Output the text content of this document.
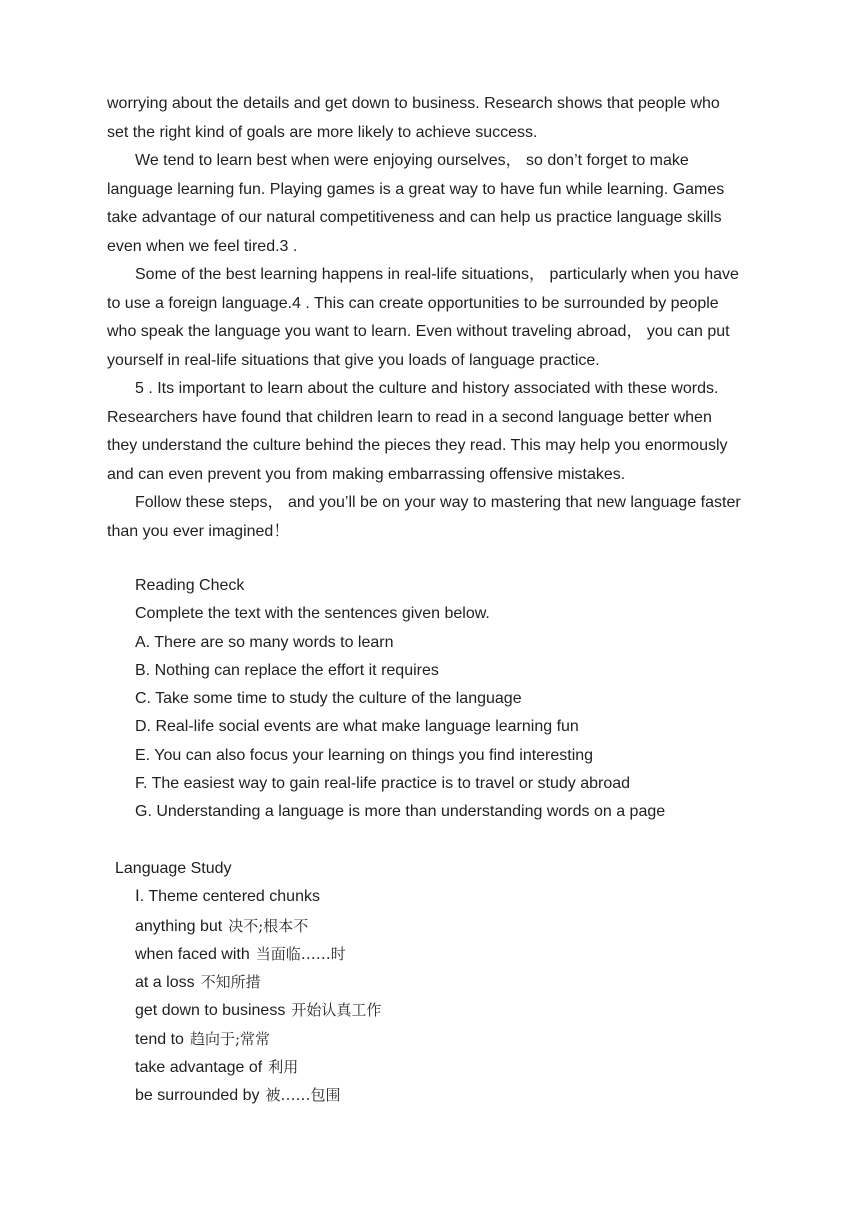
worrying about the details and get down to business. Research shows that people who
set the right kind of goals are more likely to achieve success.
We tend to learn best when were enjoying ourselves， so don’t forget to make
language learning fun. Playing games is a great way to have fun while learning. Games
take advantage of our natural competitiveness and can help us practice language skills
even when we feel tired.3 .
Some of the best learning happens in real-life situations， particularly when you have
to use a foreign language.4 . This can create opportunities to be surrounded by people
who speak the language you want to learn. Even without traveling abroad， you can put
yourself in real-life situations that give you loads of language practice.
5 . Its important to learn about the culture and history associated with these words.
Researchers have found that children learn to read in a second language better when
they understand the culture behind the pieces they read. This may help you enormously
and can even prevent you from making embarrassing offensive mistakes.
Follow these steps， and you’ll be on your way to mastering that new language faster
than you ever imagined！
Reading Check
Complete the text with the sentences given below.
A. There are so many words to learn
B. Nothing can replace the effort it requires
C. Take some time to study the culture of the language
D. Real-life social events are what make language learning fun
E. You can also focus your learning on things you find interesting
F. The easiest way to gain real-life practice is to travel or study abroad
G. Understanding a language is more than understanding words on a page
Language Study
Ⅰ. Theme centered chunks
anything but 决不;根本不
when faced with 当面临……时
at a loss 不知所措
get down to business 开始认真工作
tend to 趋向于;常常
take advantage of 利用
be surrounded by 被……包围
